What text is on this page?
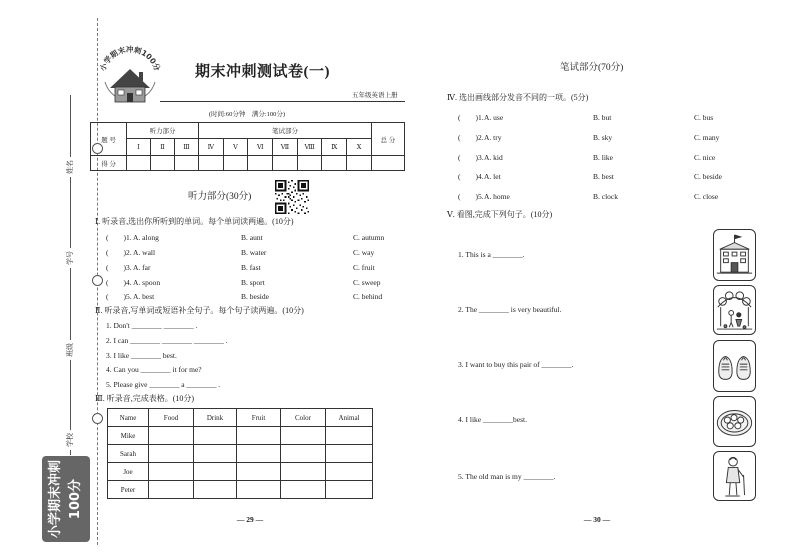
姓名
学号
班级
学校
小学期末冲刺100分
小学期末冲刺100分 期末冲刺测试卷(一)
五年级英语上册
(时间:60分钟　满分:100分)
题 号	听力部分			笔试部分							总 分
	Ⅰ	Ⅱ	Ⅲ	Ⅳ	Ⅴ	Ⅵ	Ⅶ	Ⅷ	Ⅸ	Ⅹ	
得 分											
听力部分(30分)
Ⅰ. 听录音,选出你所听到的单词。每个单词读两遍。(10分)
(　　)1. A. along	B. aunt	C. autumn
(　　)2. A. wall	B. water	C. way
(　　)3. A. far	B. fast	C. fruit
(　　)4. A. spoon	B. sport	C. sweep
(　　)5. A. best	B. beside	C. behind
Ⅱ. 听录音,写单词或短语补全句子。每个句子读两遍。(10分)
1. Don't ________ ________ .
2. I can ________ ________ ________ .
3. I like ________ best.
4. Can you ________ it for me?
5. Please give ________ a ________ .
Ⅲ. 听录音,完成表格。(10分)
Name	Food	Drink	Fruit	Color	Animal
Mike					
Sarah					
Joe					
Peter					
— 29 —
笔试部分(70分)
Ⅳ. 选出画线部分发音不同的一项。(5分)
(　　)1. A. use	B. but	C. bus
(　　)2. A. try	B. sky	C. many
(　　)3. A. kid	B. like	C. nice
(　　)4. A. let	B. best	C. beside
(　　)5. A. home	B. clock	C. close
Ⅴ. 看图,完成下列句子。(10分)
1. This is a ________.
2. The ________ is very beautiful.
3. I want to buy this pair of ________.
4. I like ________best.
5. The old man is my ________.
— 30 —
